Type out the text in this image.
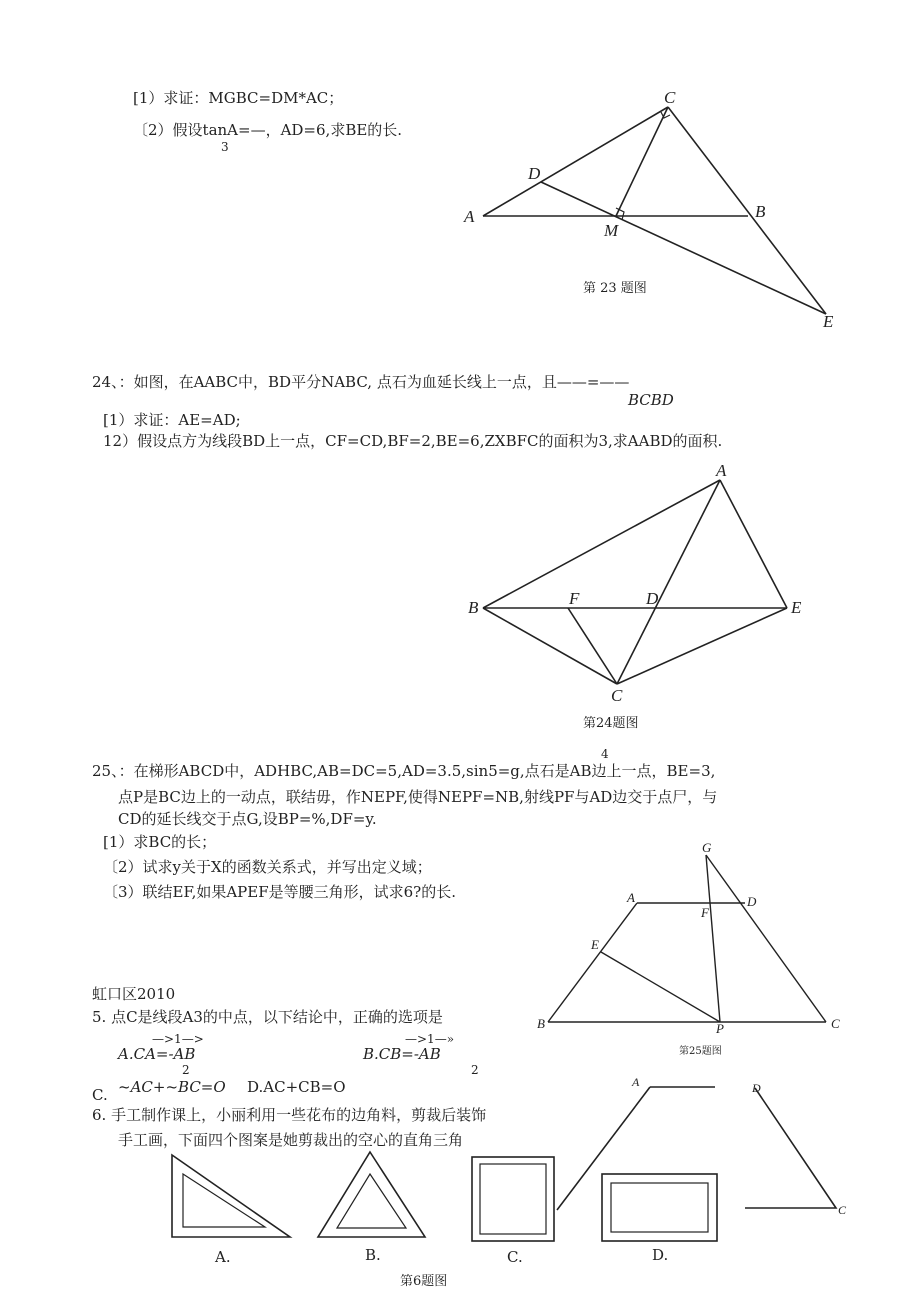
[1）求证：MGBC=DM*AC；
〔2）假设tanA=—，AD=6,求BE的长.
3
C
D
A	B
M
E
第 23 题图
24、：如图，在AABC中，BD平分NABC, 点石为血延长线上一点，且——=——
BCBD
[1）求证：AE=AD;
12）假设点方为线段BD上一点，CF=CD,BF=2,BE=6,ZXBFC的面积为3,求AABD的面积.
A
B	F	D	E
C
第24题图
4
25、：在梯形ABCD中，ADHBC,AB=DC=5,AD=3.5,sin5=g,点石是AB边上一点，BE=3,
点P是BC边上的一动点，联结毋，作NEPF,使得NEPF=NB,射线PF与AD边交于点尸，与
CD的延长线交于点G,设BP=%,DF=y.
[1）求BC的长；
〔2）试求y关于X的函数关系式，并写出定义域；
〔3）联结EF,如果APEF是等腰三角形，试求6?的长.
G
A	D
F
E
B	P	C
第25题图
虹口区2010
5. 点C是线段A3的中点，以下结论中，正确的选项是
—>1—>
A.CA=-AB
2
—>1—»
B.CB=-AB
2
C. ~AC+~BC=O D.AC+CB=O
6. 手工制作课上，小丽利用一些花布的边角料，剪裁后装饰
手工画，下面四个图案是她剪裁出的空心的直角三角
A	D
C
A.	B.	C.	D.
第6题图
